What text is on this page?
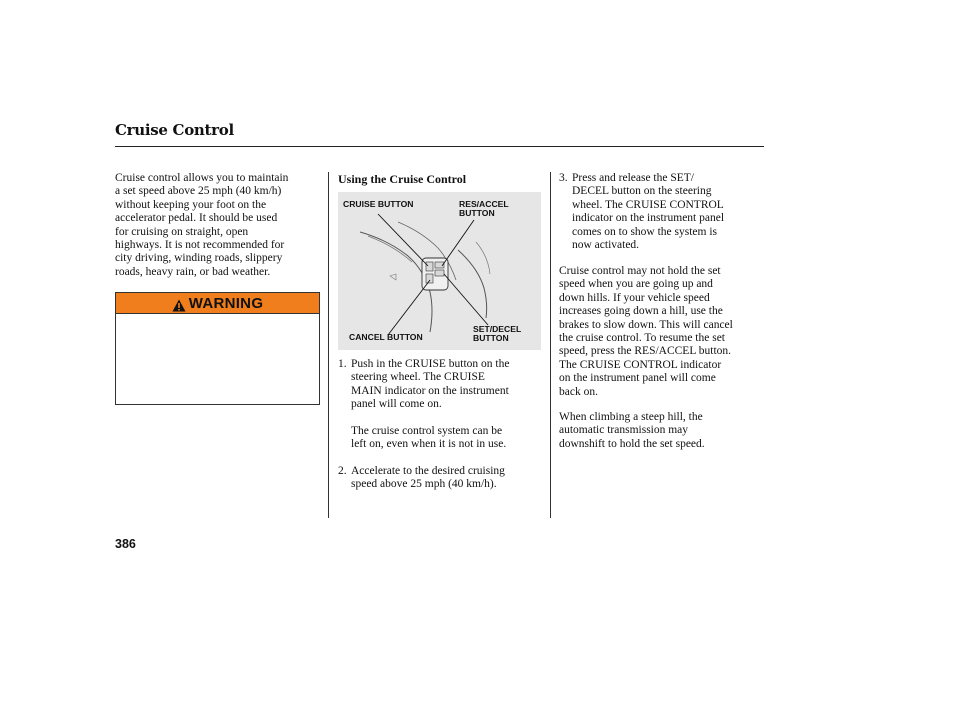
Cruise Control

Cruise control allows you to maintain

a set speed above 25 mph (40 km/h)

without keeping your foot on the

accelerator pedal. It should be used

for cruising on straight, open

highways. It is not recommended for

city driving, winding roads, slippery

roads, heavy rain, or bad weather.

WARNING
Using the Cruise Control
CRUISE BUTTON	RES/ACCEL
BUTTON
CANCEL BUTTON
SET/DECEL
BUTTON
1. Push in the CRUISE button on the

steering wheel. The CRUISE

MAIN indicator on the instrument

panel will come on.

The cruise control system can be

left on, even when it is not in use.

2. Accelerate to the desired cruising

speed above 25 mph (40 km/h).

3. Press and release the SET/

DECEL button on the steering

wheel. The CRUISE CONTROL

indicator on the instrument panel

comes on to show the system is

now activated.

Cruise control may not hold the set

speed when you are going up and

down hills. If your vehicle speed

increases going down a hill, use the

brakes to slow down. This will cancel

the cruise control. To resume the set

speed, press the RES/ACCEL button.

The CRUISE CONTROL indicator

on the instrument panel will come

back on.

When climbing a steep hill, the

automatic transmission may

downshift to hold the set speed.

386
